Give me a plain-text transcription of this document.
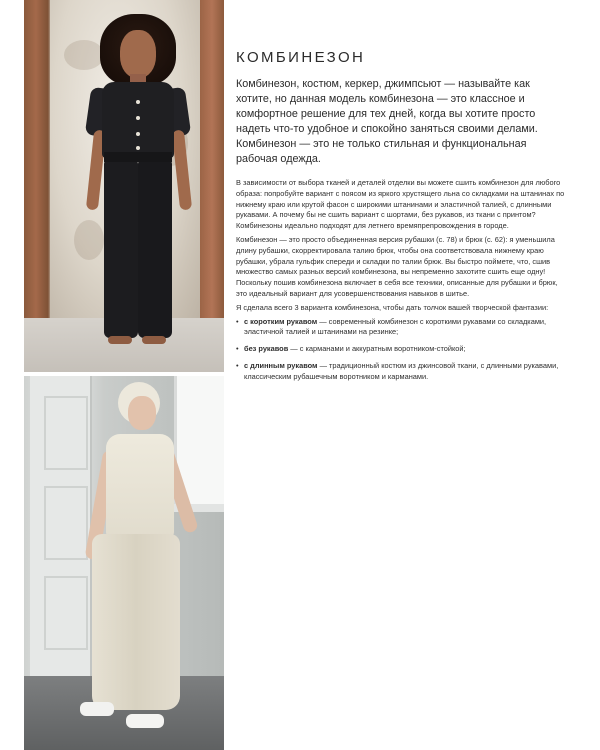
КОМБИНЕЗОН

Комбинезон, костюм, керкер, джимпсьют — называйте как хотите, но данная модель комбинезона — это классное и комфортное решение для тех дней, когда вы хотите просто надеть что-то удобное и спокойно заняться своими делами. Комбинезон — это не только стильная и функциональная рабочая одежда.

В зависимости от выбора тканей и деталей отделки вы можете сшить комбинезон для любого образа: попробуйте вариант с поясом из яркого хрустящего льна со складками на штанинах по нижнему краю или крутой фасон с широкими штанинами и эластичной талией, с длинными рукавами. А почему бы не сшить вариант с шортами, без рукавов, из ткани с принтом? Комбинезоны идеально подходят для летнего времяпрепровождения в городе.

Комбинезон — это просто объединенная версия рубашки (с. 78) и брюк (с. 62): я уменьшила длину рубашки, скорректировала талию брюк, чтобы она соответствовала нижнему краю рубашки, убрала гульфик спереди и складки по талии брюк. Вы быстро поймете, что, сшив множество самых разных версий комбинезона, вы непременно захотите сшить еще одну! Поскольку пошив комбинезона включает в себя все техники, описанные для рубашки и брюк, это идеальный вариант для усовершенствования навыков в шитье.

Я сделала всего 3 варианта комбинезона, чтобы дать толчок вашей творческой фантазии:

• с коротким рукавом — современный комбинезон с короткими рукавами со складками, эластичной талией и штанинами на резинке;
• без рукавов — с карманами и аккуратным воротником-стойкой;
• с длинным рукавом — традиционный костюм из джинсовой ткани, с длинными рукавами, классическим рубашечным воротником и карманами.
